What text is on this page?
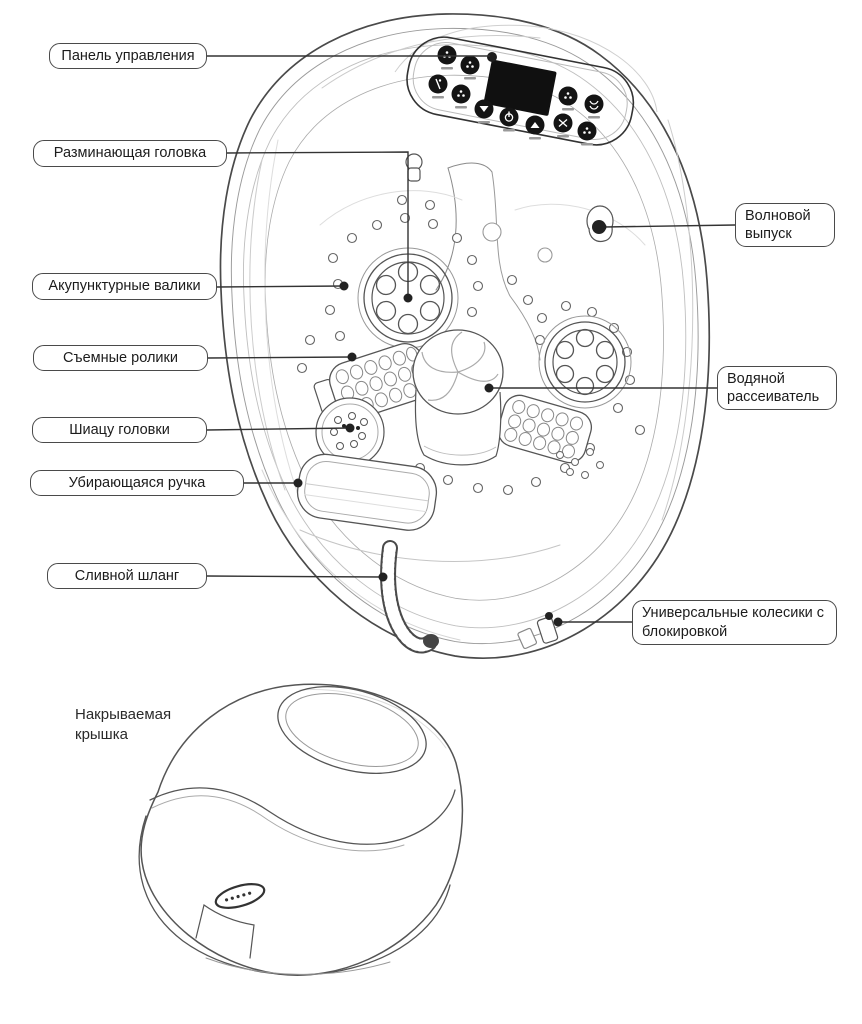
Панель управления
Разминающая головка
Волновой выпуск
Акупунктурные валики
Съемные ролики
Водяной рассеиватель
Шиацу головки
Убирающаяся ручка
Сливной шланг
Универсальные колесики с блокировкой
Накрываемая крышка
